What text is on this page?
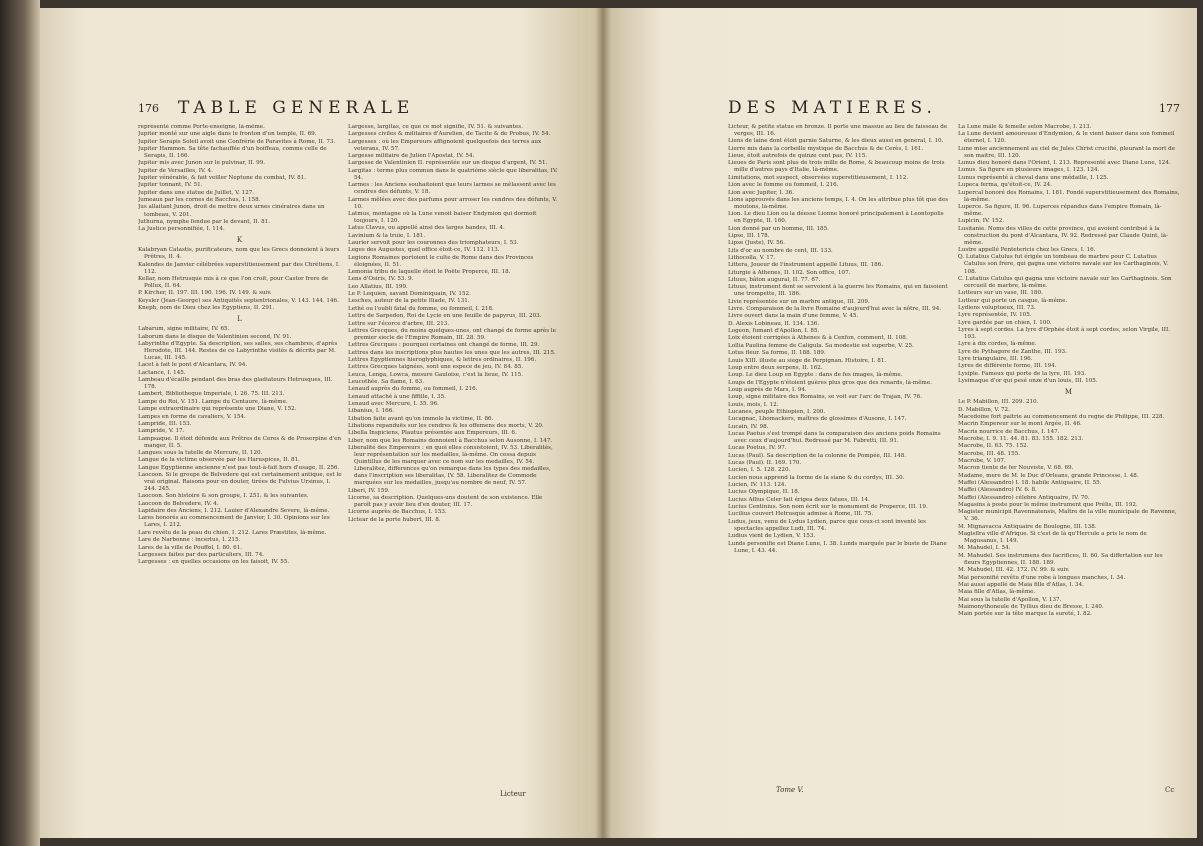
176 TABLE GENERALE	DES MATIERES.	177

représenté comme Porte-enseigne, là-même.

Jupiter monté sur une aigle dans le fronton d'un temple, II. 69.

Jupiter Serapis Soleil avoit une Confrérie de Paravites à Rome, II. 73.

Jupiter Hammon. Sa tête fachauffée d'un boiffeau, comme celle de Serapis, II. 166.

Jupiter mis avec Junon sur le pulvinar, II. 99.

Jupiter de Versailles, IV. 4.

Jupiter vénérable, & fait veiller Neptune du combat, IV. 81.

Jupiter tonnant, IV. 51.

Jupiter dans une statue de Juillet, V. 127.

Jumeaux par les cornes de Bacchus, I. 158.

Jus allaitant Junon, droit de mettre deux urnes cinéraires dans un tombeau, V. 201.

Juthurna, nymphe fendue par le devant, II. 81.

La Justice personnifiée, I. 114.

K

Kalabryan Catastis, purificateurs, nom que les Grecs donnoient à leurs Prêtres, II. 4.

Kalendes de Janvier célébrées superstitieusement par des Chrétiens, I. 112.

Kellar, nom Hetrusque mis à ce que l'on croit, pour Castor frere de Pollux, II. 64.

P. Kircher, II. 197. III. 190. 196. IV. 149. & suiv.

Keysler (Jean-George) ses Antiquités septentrionales, V. 143. 144. 146.

Kneph, nom de Dieu chez les Egyptiens, II. 291.

L

Labarum, signe militaire, IV. 65.

Laborum dans le disque de Valentinien second, IV. 91.

Labyrinthe d'Egypte. Sa description, ses salles, ses chambres, d'après Herodote, III. 144. Restes de ce Labyrinthe visités & décrits par M. Lucas, III. 145.

Lacet à fait le pont d'Alcantara, IV. 94.

Lactance, I. 145.

Lambeau d'écaille pendant des bras des gladiateurs Hetrusques, III. 178.

Lambert, Bibliotheque Imperiale, I. 26. 75. III. 213.

Lampe du Roi, V. 151. Lampe du Centaure, là-même.

Lampe extraordinaire qui représente une Diane, V. 152.

Lampes en forme de cavaliers, V. 154.

Lampride, III. 153.

Lampride, V. 17.

Lampsaque. Il étoit défendu aux Prêtres de Ceres & de Proserpine d'en manger, II. 5.

Langues sous la tutelle de Mercure, II. 120.

Langue de la victime observée par les Haruspices, II. 81.

Langue Egyptienne ancienne n'est pas tout-à-fait hors d'usage, II. 256.

Laocoon. Si le groupe de Belvedere qui est certainement antique, est le vrai original. Raisons pour en douter, tirées de Fulvius Ursinus, I. 244. 245.

Laocoon. Son histoire & son groupe, I. 251. & les suivantes.

Laocoon de Belvedere, IV. 4.

Lapidaire des Anciens, I. 212. Lauier d'Alexandre Severe, là-même.

Lares honorés au commencement de Janvier, I. 30. Opinions sur les Lares, I. 212.

Lare revêtu de la peau du chien, I. 212. Lares Præstites, là-même.

Lare de Narbonne : incertus, I. 215.

Lares de la ville de Pouffol, I. 80. 61.

Largesses faites par des particuliers, III. 74.

Largesses : en quelles occasions on les faisoit, IV. 55.

Largesse, largitas, ce que ce mot signifie, IV. 51. & suivantes.

Largesses civiles & militaires d'Aurelien, de Tacite & de Probus, IV. 54.

Largesses : où les Empereurs affignoient quelquefois des terres aux veterans, IV. 57.

Largesse militaire de Julien l'Apostat, IV. 54.

Largesse de Valentinien II. représentée sur un disque d'argent, IV. 51.

Largitas : terme plus commun dans le quatrième siècle que liberalitas, IV. 54.

Larmes : les Anciens souhaitoient que leurs larmes se mêlassent avec les cendres des défunts, V. 18.

Larmes mêlées avec des parfums pour arroser les cendres des défunts, V. 10.

Latmus, montagne où la Lune venoit baiser Endymion qui dormoit toujours, I. 120.

Latus Clavus, ou appellé ainsi des larges bandes, III. 4.

Lavinium & la truie, I. 181.

Laurier servoit pour les couronnes des triomphateurs, I. 53.

Leges des Augustes, quel office étoit-ce, IV. 112. 113.

Legions Romaines portoient le culte de Rome dans des Provinces éloignées, II. 51.

Lemonia tribu de laquelle étoit le Poëte Properce, III. 18.

Lens d'Osiris, IV. 53. 9.

Leo Allatius, III. 199.

Le P. Lequien, savant Dominiquain, IV. 152.

Lesches, auteur de la petite Iliade, IV. 131.

Lethé ou l'oubli fatal du fomme, ou fommeil, I. 218.

Lettre de Sarpedon, Roi de Lycie en une feuille de papyrus, III. 203.

Lettre sur l'écorce d'arbre, III. 213.

Lettres Grecques, du moins quelques-unes, ont changé de forme après le premier siecle de l'Empire Romain, III. 28. 59.

Lettres Grecques : pourquoi certaines ont changé de forme, III. 29.

Lettres dans les inscriptions plus hautes les unes que les autres, III. 215.

Lettres Egyptiennes hieroglyphiques, & lettres ordinaires, II. 196.

Lettres Grecques taignées, sont une espece de jeu, IV. 84. 85.

Leuca, Lenga, Lowca, mesure Gauloise, c'est la lieue, IV. 115.

Leucothée. Sa flame, I. 63.

Lenaud auprès du fomme, ou fommeil, I. 216.

Lenaud attaché à une fiffille, I. 35.

Lenaud avec Mercure, I. 35. 96.

Libanius, I. 166.

Libation faite avant qu'on immole la victime, II. 86.

Libations repanduës sur les cendres & les offemens des morts, V. 20.

Libella Inspiciens, Plautus présentée aux Empereurs, III. 6.

Liber, nom que les Romains donnoient à Bacchus selon Ausonne, I. 147.

Liberalité des Empereurs : en quoi elles consistoient, IV. 53. Liberalités, leur représentation sur les medailles, là-même. On cessa depuis Quintillus de les marquer avec ce nom sur les medailles, IV. 54. Liberalitez, differences qu'on remarque dans les types des medailles, dans l'inscription ses liberalitas, IV. 58. Liberalitez de Commode marquées sur les medailles, jusqu'au nombre de neuf, IV. 57.

Liberi, IV. 159.

Licorne, sa description. Quelques-uns doutent de son existence. Elle paroît pas y avoir lieu d'en douter, III. 17.

Licorne auprès de Bacchus, I. 153.

Lictear de la porte hubert, III. 8.

Licteur, & petite statue en bronze. Il porte une massue au lieu de faisseau de verges, III. 16.

Liens de laine dont étoit garnie Saturne, & les dieux aussi en general, I. 10.

Lierre mis dans la corbeille mystique de Bacchus & de Cerès, I. 161.

Lieue, étoit autrefois de quinze cent pas, IV. 115.

Lieues de Paris sont plus de trois mille de Rome, & beaucoup moins de trois mille d'autres pays d'Italie, là-même.

Limitations, mot suspect, observées superstitieusement, I. 112.

Lion avec le fomme ou fommeil, I. 216.

Lion avec Jupiter, I. 36.

Lions approuvés dans les anciens temps, I. 4. On les attribue plus tôt que des moutons, là-même.

Lion. Le dieu Lion ou la déesse Lionne honoré principalement à Leontopolis en Egypte, II. 160.

Lion donné par un homme, III. 185.

Lipse, III. 178.

Lipse (Juste), IV. 56.

Lits d'or au nombre de cent, III. 133.

Lithocolla, V. 17.

Littera, Joueur de l'instrument appellé Lituus, III. 186.

Liturgie à Athenes, II. 102. Son office, 107.

Lituus, bâton augural, II. 77. 67.

Lituus, instrument dont se servoient à la guerre les Romains, qui en faisoient une trompette, III. 186.

Livie représentée sur un marbre antique, III. 209.

Livre. Comparaison de la livre Romaine d'aujourd'hui avec la nôtre, III. 94.

Livre ouvert dans la main d'une femme, V. 45.

D. Alexis Lobineau, II. 134. 136.

Logeon, fumant d'Apollon, I. 85.

Loix étoient corrigées à Athenes & à Cenfon, comment, II. 108.

Lollia Paulina femme de Caligula. Sa modestie est superbe, V. 25.

Lotus fleur. Sa forme, II. 188. 189.

Louis XIII. illuste au siege de Perpignan. Histoire, I. 81.

Loup entre deux serpens, II. 162.

Loup. Le dieu Loup en Egypte : dans de fes images, là-même.

Loups de l'Egypte n'étoient guères plus gros que des renards, là-même.

Loup auprès de Mars, I. 94.

Loup, signe militaire des Romains, se voit sur l'arc de Trajan, IV. 76.

Louis, mois, I. 12.

Lucanes, peuple Ethiopien, I. 200.

Lucagnac, Lhomackers, maîtres de glossimes d'Ausone, I. 147.

Lucain, IV. 98.

Lucas Paetus s'est trompé dans la comparaison des anciens poids Romains avec ceux d'aujourd'hui. Redressé par M. Fabretti, III. 91.

Lucas Poetus, IV. 97.

Lucas (Paul). Sa description de la colonne de Pompée, III. 148.

Lucas (Paul). II. 169. 170.

Lucien, I. 5. 128. 220.

Lucien nous apprend la forme de la siane & du cordys, III. 30.

Lucien, IV. 113. 124.

Lucius Olympique, II. 18.

Lucius Aflius Celer fait érigea deux fatues, III. 14.

Lucius Centinius. Son nom écrit sur le monument de Properce, III. 19.

Lucilius couvert Hetrusque admise à Rome, III. 75.

Ludus, jeux, venu de Lydus Lydien, parce que ceux-ci sont inventé les spectacles appellez Ludi, III. 74.

Ludius vient de Lydien, V. 153.

Lunds personifie est Diane Lune, I. 38. Lunds marquée par le buste de Diane Lune, I. 43. 44.

La Lune mâle & femelle selon Macrobe, I. 213.

La Lune devient amoureuse d'Endymion, & le vient baiser dans son fommeil éternel, I. 120.

Lune mise anciennement au ciel de Jules Christ crucifié, pleurant la mort de son maitre, III. 120.

Lunus dieu honoré dans l'Orient, I. 213. Representé avec Diane Lune, 124.

Lunus. Sa figure en plusieurs images, I. 123. 124.

Lunus représenté à cheval dans une médaille, I. 125.

Lupeca ferma, qu'étoit-ce, IV. 24.

Lupercal honoré des Romains, I. 181. Fondé superstitieusement des Romains, là-même.

Luperce. Sa figure, II. 96. Luperces répandus dans l'empire Romain, là-même.

Lupicin, IV. 152.

Lusitanie. Noms des villes de cette province, qui avoient contribué à la construction du pont d'Alcantara, IV. 92. Redressé par Claude Quint, là-même.

Lustre appellé Pentetericis chez les Grecs, I. 16.

Q. Lutatius Catulus fut érigée un tombeau de marbre pour C. Lutatius Catulus son frere, qui gagna une victoire navale sur les Carthaginois, V. 108.

C. Lutatius Catulus qui gagna une victoire navale sur les Carthaginois. Son cercueil de marbre, là-même.

Lutteurs sur un vase, III. 180.

Lutteur qui porte un casque, là-même.

Lydiens voluptueux, III. 73.

Lyre représentée, IV. 105.

Lyre gardée par un chien, I. 100.

Lyres à sept cordes. La lyre d'Orphée étoit à sept cordes, selon Virgile, III. 193.

Lyre à dix cordes, là-même.

Lyre de Pythagore de Zanthe, III. 193.

Lyre triangulaire, III. 196.

Lyres de différente forme, III. 194.

Lysiple. Fameux qui porte de la lyre, III. 193.

Lysimaque d'or qui pesé onze d'un louis, III. 105.

M

Le P. Mabillon, III. 209. 210.

D. Mabillon, V. 72.

Macedoine fort paitrie au commencement du regne de Philippe, III. 228.

Macrin Empereur sur le mont Argée, II. 46.

Macris nourrice de Bacchus, I. 147.

Macrobe, I. 9. 11. 44. 81. 83. 155. 182. 213.

Macrobe, II. 63. 75. 152.

Macrobe, III. 48. 155.

Macrobe, V. 107.

Macron tiente de fer Nouviste, V. 68. 69.

Madame, mere de M. le Duc d'Orleans, grande Princesse, I. 48.

Maffei (Alessandro) I. 18. habile Antiquaire, II. 55.

Maffei (Alessandro) IV. 6. 8.

Maffei (Alessandro) célebre Antiquaire, IV. 70.

Magasins à poste pour le même instrument que Prélis, III. 192.

Magister municipii Ravennatensis, Maître de la ville municipale de Ravenne, V. 36.

M. Mignavacca Antiquaire de Boulogne, III. 138.

Magisflra ville d'Afrique. Si c'est de là qu'Hercule a pris le nom de Magusanus, I. 149.

M. Mahudel, I. 54.

M. Mahudel. Ses instrumens des facrifices, II. 60. Sa differtation sur les fleurs Egyptiennes, II. 188. 189.

M. Mahudel, III. 42. 172. IV. 99. & suiv.

Mai personifié revêtu d'une robe à longues manches, I. 34.

Mai aussi appellé de Maia fille d'Atlas, I. 34.

Maia fille d'Atlas, là-même.

Mai sous la tutelle d'Apollon, V. 137.

Maimonythoneule de Tyllius dieu de Bresse, I. 240.

Main portée sur la tête marque la sureté, I. 82.

Licteur	Tome V.	Cc
